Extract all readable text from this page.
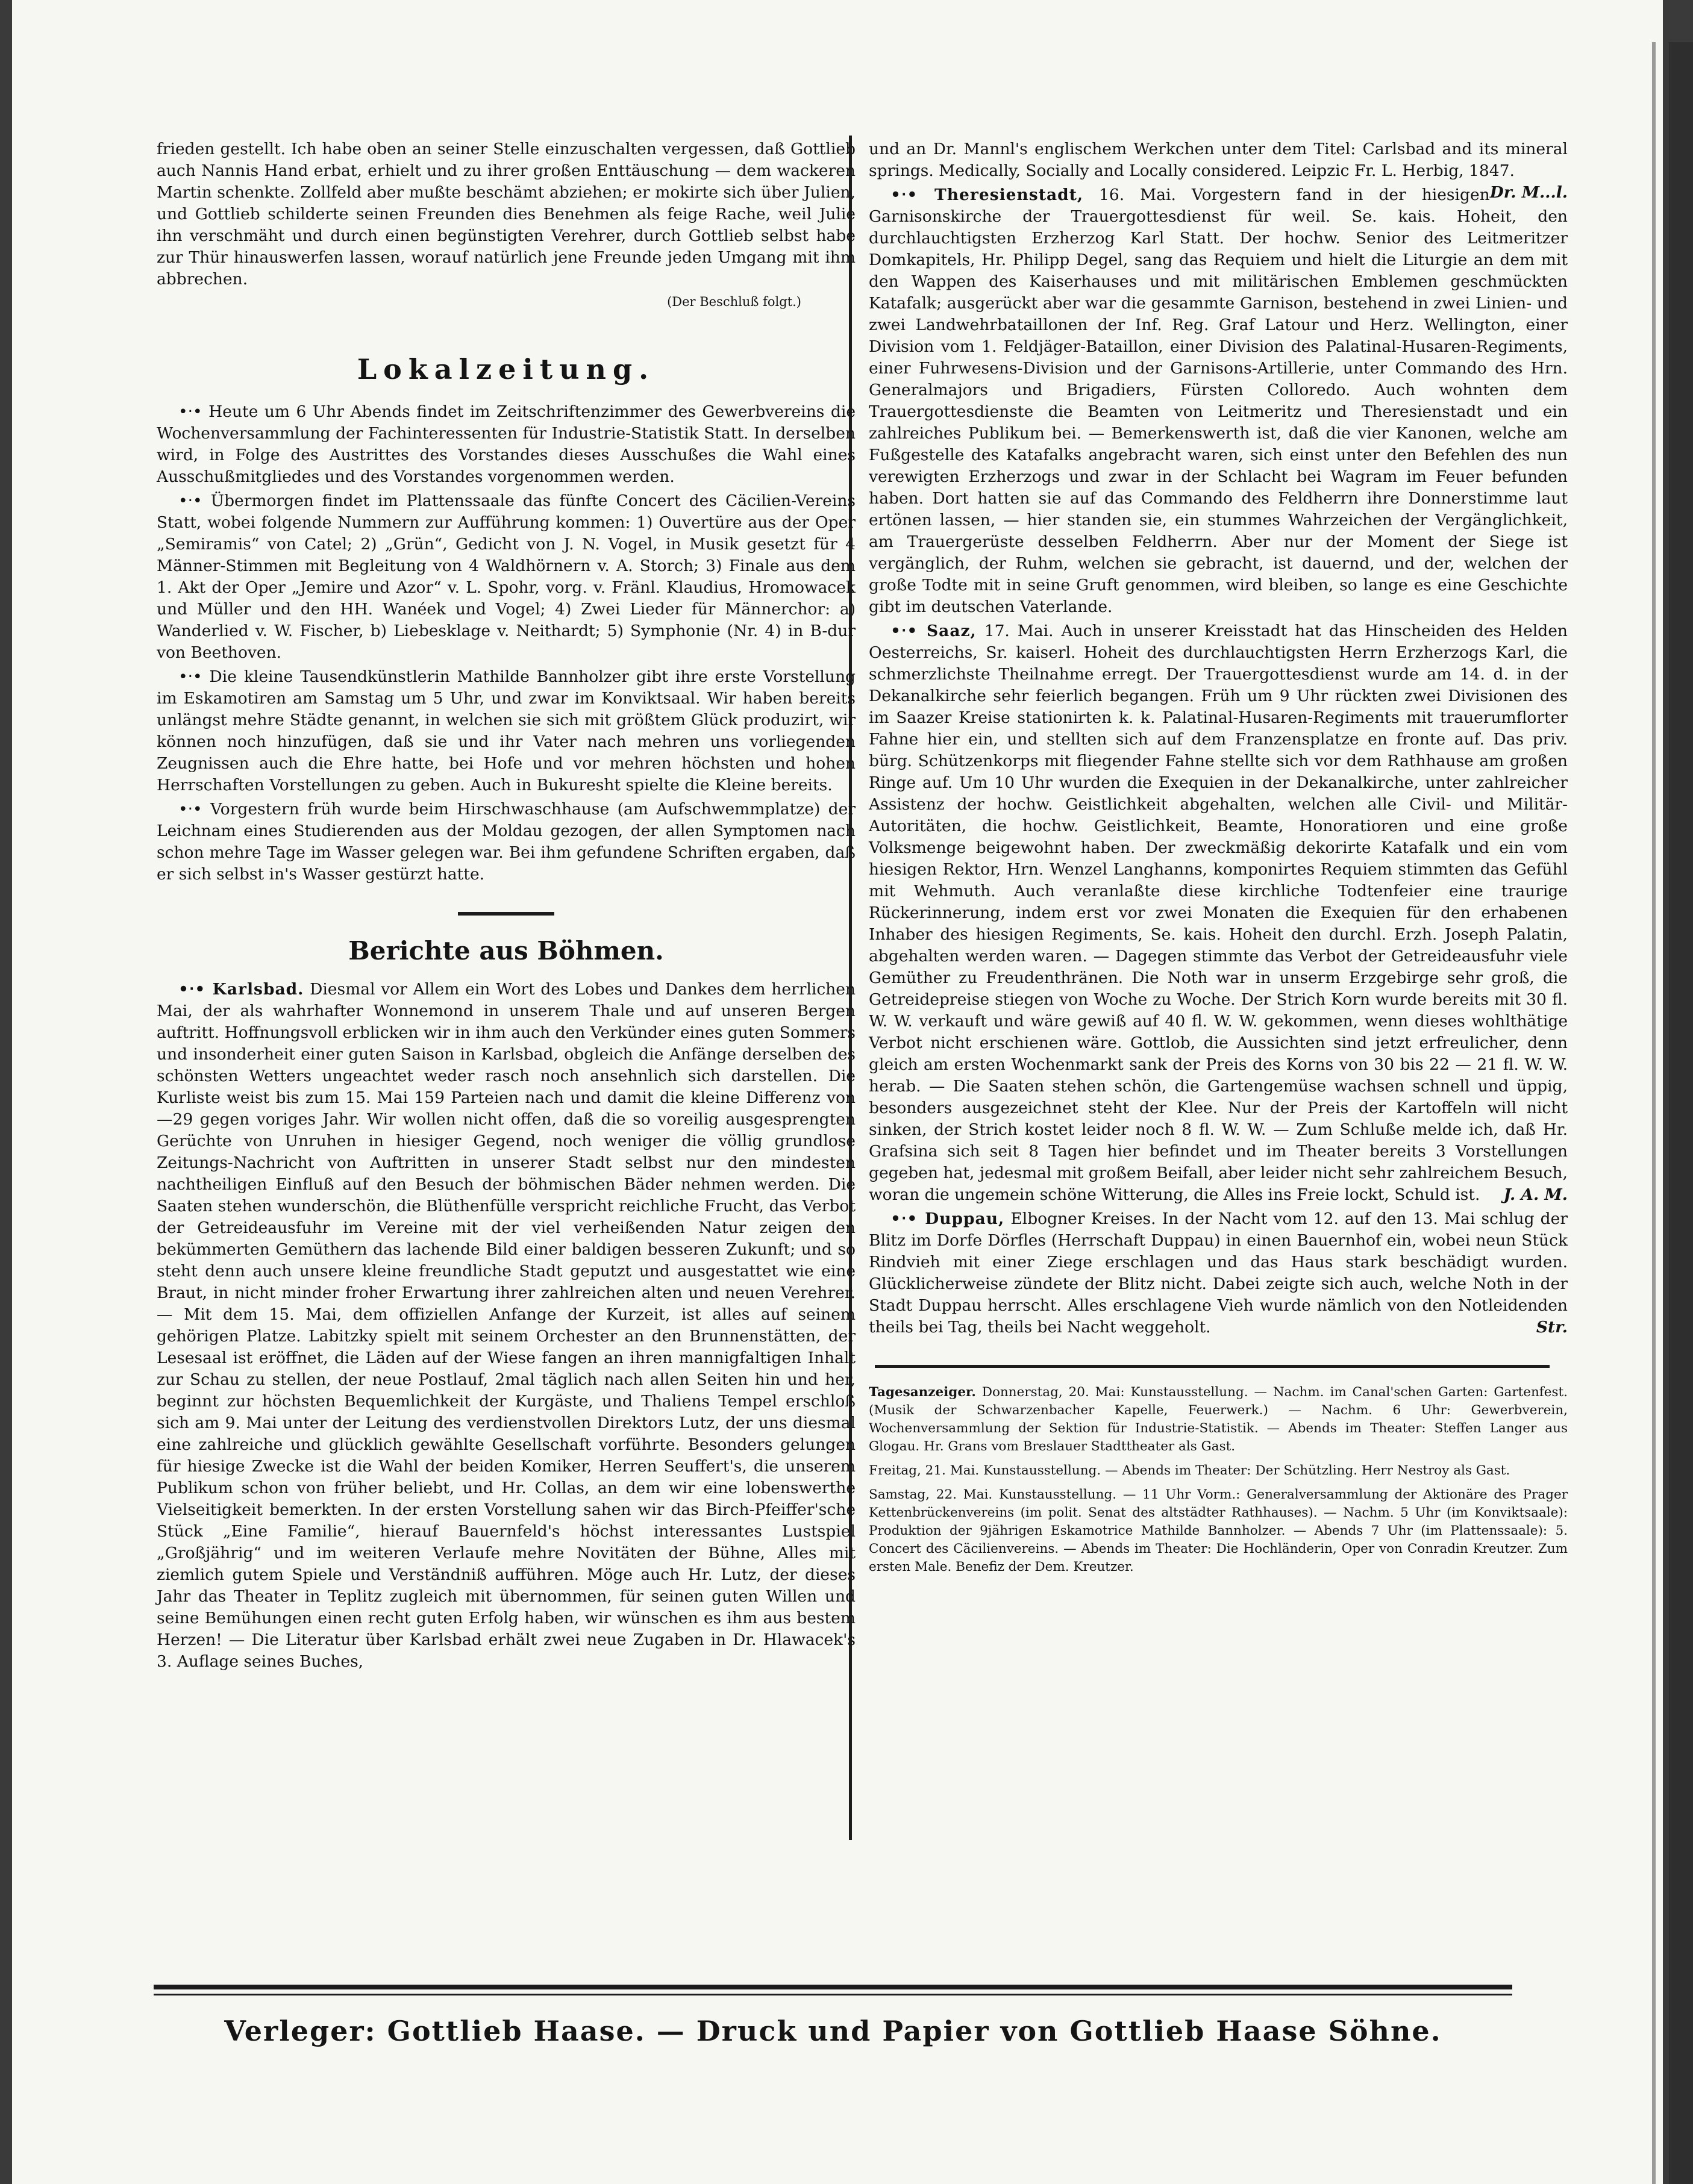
frieden gestellt. Ich habe oben an seiner Stelle einzuschalten vergessen, daß Gottlieb auch Nannis Hand erbat, erhielt und zu ihrer großen Enttäuschung — dem wackeren Martin schenkte. Zollfeld aber mußte beschämt abziehen; er mokirte sich über Julien, und Gottlieb schilderte seinen Freunden dies Benehmen als feige Rache, weil Julie ihn verschmäht und durch einen begünstigten Verehrer, durch Gottlieb selbst habe zur Thür hinauswerfen lassen, worauf natürlich jene Freunde jeden Umgang mit ihm abbrechen.

(Der Beschluß folgt.)
Lokalzeitung.

•‧• Heute um 6 Uhr Abends findet im Zeitschriftenzimmer des Gewerbvereins die Wochenversammlung der Fachinteressenten für Industrie-Statistik Statt. In derselben wird, in Folge des Austrittes des Vorstandes dieses Ausschußes die Wahl eines Ausschußmitgliedes und des Vorstandes vorgenommen werden.

•‧• Übermorgen findet im Plattenssaale das fünfte Concert des Cäcilien-Vereins Statt, wobei folgende Nummern zur Aufführung kommen: 1) Ouvertüre aus der Oper „Semiramis“ von Catel; 2) „Grün“, Gedicht von J. N. Vogel, in Musik gesetzt für 4 Männer-Stimmen mit Begleitung von 4 Waldhörnern v. A. Storch; 3) Finale aus dem 1. Akt der Oper „Jemire und Azor“ v. L. Spohr, vorg. v. Fränl. Klaudius, Hromowacek und Müller und den HH. Wanéek und Vogel; 4) Zwei Lieder für Männerchor: a) Wanderlied v. W. Fischer, b) Liebesklage v. Neithardt; 5) Symphonie (Nr. 4) in B-dur von Beethoven.

•‧• Die kleine Tausendkünstlerin Mathilde Bannholzer gibt ihre erste Vorstellung im Eskamotiren am Samstag um 5 Uhr, und zwar im Konviktsaal. Wir haben bereits unlängst mehre Städte genannt, in welchen sie sich mit größtem Glück produzirt, wir können noch hinzufügen, daß sie und ihr Vater nach mehren uns vorliegenden Zeugnissen auch die Ehre hatte, bei Hofe und vor mehren höchsten und hohen Herrschaften Vorstellungen zu geben. Auch in Bukuresht spielte die Kleine bereits.

•‧• Vorgestern früh wurde beim Hirschwaschhause (am Aufschwemmplatze) der Leichnam eines Studierenden aus der Moldau gezogen, der allen Symptomen nach schon mehre Tage im Wasser gelegen war. Bei ihm gefundene Schriften ergaben, daß er sich selbst in's Wasser gestürzt hatte.

Berichte aus Böhmen.

•‧• Karlsbad. Diesmal vor Allem ein Wort des Lobes und Dankes dem herrlichen Mai, der als wahrhafter Wonnemond in unserem Thale und auf unseren Bergen auftritt. Hoffnungsvoll erblicken wir in ihm auch den Verkünder eines guten Sommers und insonderheit einer guten Saison in Karlsbad, obgleich die Anfänge derselben des schönsten Wetters ungeachtet weder rasch noch ansehnlich sich darstellen. Die Kurliste weist bis zum 15. Mai 159 Parteien nach und damit die kleine Differenz von —29 gegen voriges Jahr. Wir wollen nicht offen, daß die so voreilig ausgesprengten Gerüchte von Unruhen in hiesiger Gegend, noch weniger die völlig grundlose Zeitungs-Nachricht von Auftritten in unserer Stadt selbst nur den mindesten nachtheiligen Einfluß auf den Besuch der böhmischen Bäder nehmen werden. Die Saaten stehen wunderschön, die Blüthenfülle verspricht reichliche Frucht, das Verbot der Getreideausfuhr im Vereine mit der viel verheißenden Natur zeigen den bekümmerten Gemüthern das lachende Bild einer baldigen besseren Zukunft; und so steht denn auch unsere kleine freundliche Stadt geputzt und ausgestattet wie eine Braut, in nicht minder froher Erwartung ihrer zahlreichen alten und neuen Verehrer. — Mit dem 15. Mai, dem offiziellen Anfange der Kurzeit, ist alles auf seinem gehörigen Platze. Labitzky spielt mit seinem Orchester an den Brunnenstätten, der Lesesaal ist eröffnet, die Läden auf der Wiese fangen an ihren mannigfaltigen Inhalt zur Schau zu stellen, der neue Postlauf, 2mal täglich nach allen Seiten hin und her, beginnt zur höchsten Bequemlichkeit der Kurgäste, und Thaliens Tempel erschloß sich am 9. Mai unter der Leitung des verdienstvollen Direktors Lutz, der uns diesmal eine zahlreiche und glücklich gewählte Gesellschaft vorführte. Besonders gelungen für hiesige Zwecke ist die Wahl der beiden Komiker, Herren Seuffert's, die unserem Publikum schon von früher beliebt, und Hr. Collas, an dem wir eine lobenswerthe Vielseitigkeit bemerkten. In der ersten Vorstellung sahen wir das Birch-Pfeiffer'sche Stück „Eine Familie“, hierauf Bauernfeld's höchst interessantes Lustspiel „Großjährig“ und im weiteren Verlaufe mehre Novitäten der Bühne, Alles mit ziemlich gutem Spiele und Verständniß aufführen. Möge auch Hr. Lutz, der dieses Jahr das Theater in Teplitz zugleich mit übernommen, für seinen guten Willen und seine Bemühungen einen recht guten Erfolg haben, wir wünschen es ihm aus bestem Herzen! — Die Literatur über Karlsbad erhält zwei neue Zugaben in Dr. Hlawacek's 3. Auflage seines Buches,

und an Dr. Mannl's englischem Werkchen unter dem Titel: Carlsbad and its mineral springs. Medically, Socially and Locally considered. Leipzic Fr. L. Herbig, 1847.
Dr. M...l.

•‧• Theresienstadt, 16. Mai. Vorgestern fand in der hiesigen Garnisonskirche der Trauergottesdienst für weil. Se. kais. Hoheit, den durchlauchtigsten Erzherzog Karl Statt. Der hochw. Senior des Leitmeritzer Domkapitels, Hr. Philipp Degel, sang das Requiem und hielt die Liturgie an dem mit den Wappen des Kaiserhauses und mit militärischen Emblemen geschmückten Katafalk; ausgerückt aber war die gesammte Garnison, bestehend in zwei Linien- und zwei Landwehrbataillonen der Inf. Reg. Graf Latour und Herz. Wellington, einer Division vom 1. Feldjäger-Bataillon, einer Division des Palatinal-Husaren-Regiments, einer Fuhrwesens-Division und der Garnisons-Artillerie, unter Commando des Hrn. Generalmajors und Brigadiers, Fürsten Colloredo. Auch wohnten dem Trauergottesdienste die Beamten von Leitmeritz und Theresienstadt und ein zahlreiches Publikum bei. — Bemerkenswerth ist, daß die vier Kanonen, welche am Fußgestelle des Katafalks angebracht waren, sich einst unter den Befehlen des nun verewigten Erzherzogs und zwar in der Schlacht bei Wagram im Feuer befunden haben. Dort hatten sie auf das Commando des Feldherrn ihre Donnerstimme laut ertönen lassen, — hier standen sie, ein stummes Wahrzeichen der Vergänglichkeit, am Trauergerüste desselben Feldherrn. Aber nur der Moment der Siege ist vergänglich, der Ruhm, welchen sie gebracht, ist dauernd, und der, welchen der große Todte mit in seine Gruft genommen, wird bleiben, so lange es eine Geschichte gibt im deutschen Vaterlande.

•‧• Saaz, 17. Mai. Auch in unserer Kreisstadt hat das Hinscheiden des Helden Oesterreichs, Sr. kaiserl. Hoheit des durchlauchtigsten Herrn Erzherzogs Karl, die schmerzlichste Theilnahme erregt. Der Trauergottesdienst wurde am 14. d. in der Dekanalkirche sehr feierlich begangen. Früh um 9 Uhr rückten zwei Divisionen des im Saazer Kreise stationirten k. k. Palatinal-Husaren-Regiments mit trauerumflorter Fahne hier ein, und stellten sich auf dem Franzensplatze en fronte auf. Das priv. bürg. Schützenkorps mit fliegender Fahne stellte sich vor dem Rathhause am großen Ringe auf. Um 10 Uhr wurden die Exequien in der Dekanalkirche, unter zahlreicher Assistenz der hochw. Geistlichkeit abgehalten, welchen alle Civil- und Militär-Autoritäten, die hochw. Geistlichkeit, Beamte, Honoratioren und eine große Volksmenge beigewohnt haben. Der zweckmäßig dekorirte Katafalk und ein vom hiesigen Rektor, Hrn. Wenzel Langhanns, komponirtes Requiem stimmten das Gefühl mit Wehmuth. Auch veranlaßte diese kirchliche Todtenfeier eine traurige Rückerinnerung, indem erst vor zwei Monaten die Exequien für den erhabenen Inhaber des hiesigen Regiments, Se. kais. Hoheit den durchl. Erzh. Joseph Palatin, abgehalten werden waren. — Dagegen stimmte das Verbot der Getreideausfuhr viele Gemüther zu Freudenthränen. Die Noth war in unserm Erzgebirge sehr groß, die Getreidepreise stiegen von Woche zu Woche. Der Strich Korn wurde bereits mit 30 fl. W. W. verkauft und wäre gewiß auf 40 fl. W. W. gekommen, wenn dieses wohlthätige Verbot nicht erschienen wäre. Gottlob, die Aussichten sind jetzt erfreulicher, denn gleich am ersten Wochenmarkt sank der Preis des Korns von 30 bis 22 — 21 fl. W. W. herab. — Die Saaten stehen schön, die Gartengemüse wachsen schnell und üppig, besonders ausgezeichnet steht der Klee. Nur der Preis der Kartoffeln will nicht sinken, der Strich kostet leider noch 8 fl. W. W. — Zum Schluße melde ich, daß Hr. Grafsina sich seit 8 Tagen hier befindet und im Theater bereits 3 Vorstellungen gegeben hat, jedesmal mit großem Beifall, aber leider nicht sehr zahlreichem Besuch, woran die ungemein schöne Witterung, die Alles ins Freie lockt, Schuld ist.	J. A. M.

•‧• Duppau, Elbogner Kreises. In der Nacht vom 12. auf den 13. Mai schlug der Blitz im Dorfe Dörfles (Herrschaft Duppau) in einen Bauernhof ein, wobei neun Stück Rindvieh mit einer Ziege erschlagen und das Haus stark beschädigt wurden. Glücklicherweise zündete der Blitz nicht. Dabei zeigte sich auch, welche Noth in der Stadt Duppau herrscht. Alles erschlagene Vieh wurde nämlich von den Notleidenden theils bei Tag, theils bei Nacht weggeholt.	Str.

Tagesanzeiger. Donnerstag, 20. Mai: Kunstausstellung. — Nachm. im Canal'schen Garten: Gartenfest. (Musik der Schwarzenbacher Kapelle, Feuerwerk.) — Nachm. 6 Uhr: Gewerbverein, Wochenversammlung der Sektion für Industrie-Statistik. — Abends im Theater: Steffen Langer aus Glogau. Hr. Grans vom Breslauer Stadttheater als Gast.

Freitag, 21. Mai. Kunstausstellung. — Abends im Theater: Der Schützling. Herr Nestroy als Gast.

Samstag, 22. Mai. Kunstausstellung. — 11 Uhr Vorm.: Generalversammlung der Aktionäre des Prager Kettenbrückenvereins (im polit. Senat des altstädter Rathhauses). — Nachm. 5 Uhr (im Konviktsaale): Produktion der 9jährigen Eskamotrice Mathilde Bannholzer. — Abends 7 Uhr (im Plattenssaale): 5. Concert des Cäcilienvereins. — Abends im Theater: Die Hochländerin, Oper von Conradin Kreutzer. Zum ersten Male. Benefiz der Dem. Kreutzer.

Verleger: Gottlieb Haase. — Druck und Papier von Gottlieb Haase Söhne.
